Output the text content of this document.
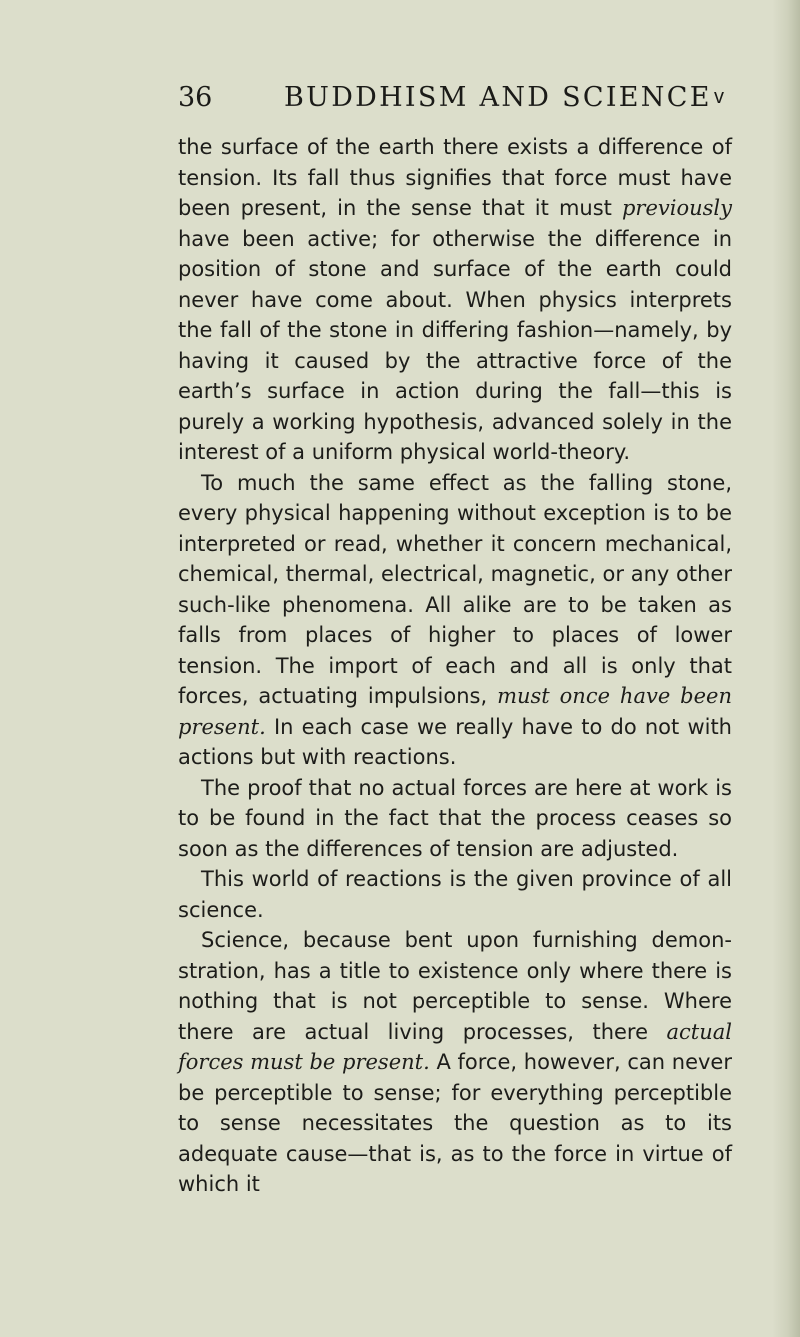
36	BUDDHISM AND SCIENCE v

the surface of the earth there exists a difference of tension. Its fall thus signifies that force must have been present, in the sense that it must previously have been active; for otherwise the difference in position of stone and surface of the earth could never have come about. When physics interprets the fall of the stone in differing fashion—namely, by having it caused by the attractive force of the earth’s surface in action during the fall—this is purely a working hypothesis, advanced solely in the interest of a uniform physical world-theory.

To much the same effect as the falling stone, every physical happening without exception is to be interpreted or read, whether it concern mechanical, chemical, thermal, electrical, magnetic, or any other such-like phenomena. All alike are to be taken as falls from places of higher to places of lower tension. The import of each and all is only that forces, actuating impulsions, must once have been present. In each case we really have to do not with actions but with reactions.

The proof that no actual forces are here at work is to be found in the fact that the process ceases so soon as the differences of tension are adjusted.

This world of reactions is the given province of all science.

Science, because bent upon furnishing demon-stration, has a title to existence only where there is nothing that is not perceptible to sense. Where there are actual living processes, there actual forces must be present. A force, however, can never be perceptible to sense; for everything perceptible to sense necessitates the question as to its adequate cause—that is, as to the force in virtue of which it
